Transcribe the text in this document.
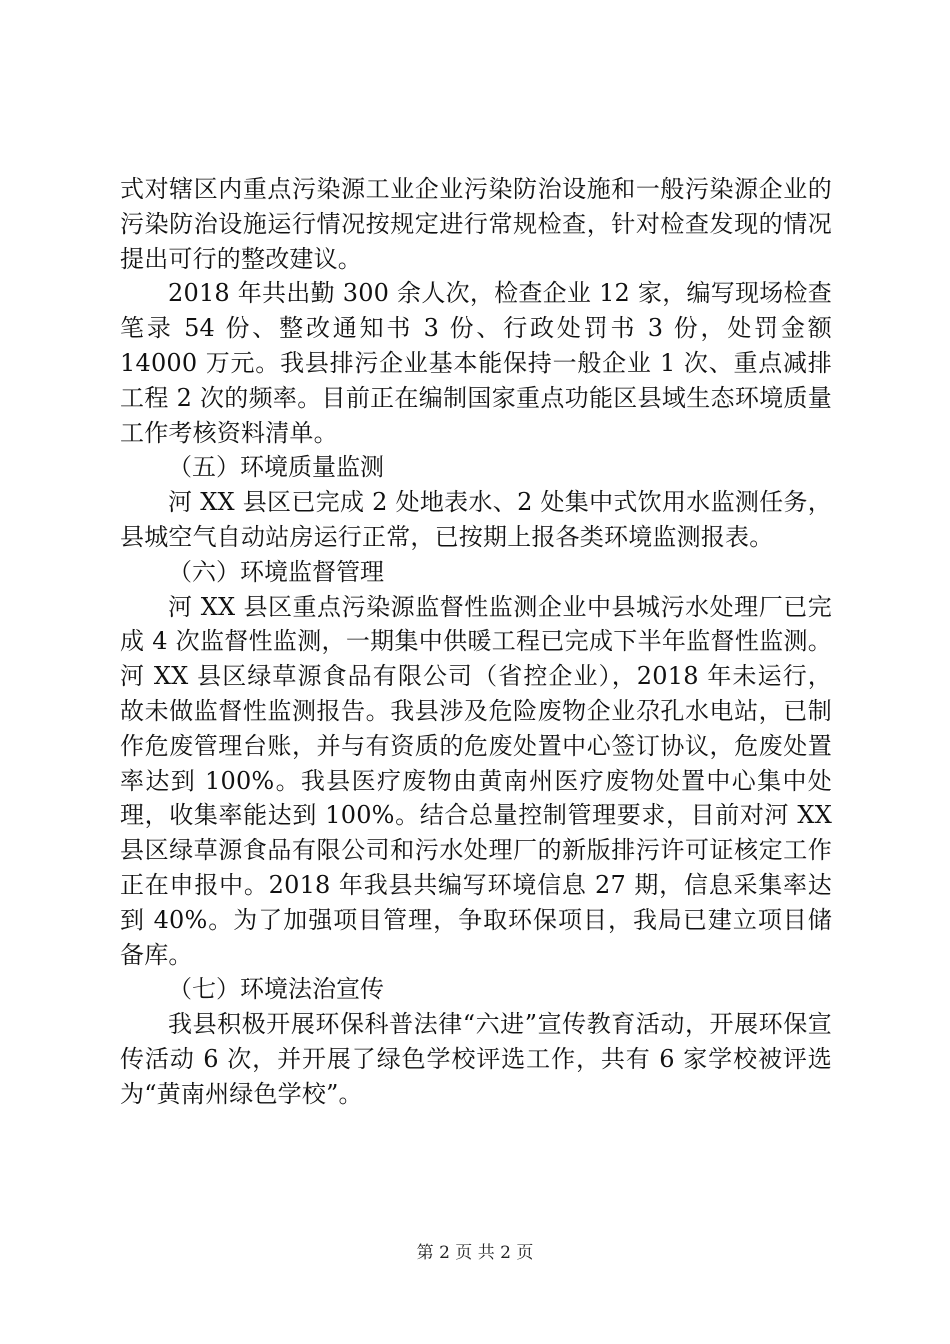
式对辖区内重点污染源工业企业污染防治设施和一般污染源企业的污染防治设施运行情况按规定进行常规检查，针对检查发现的情况提出可行的整改建议。

2018 年共出勤 300 余人次，检查企业 12 家，编写现场检查笔录 54 份、整改通知书 3 份、行政处罚书 3 份，处罚金额 14000 万元。我县排污企业基本能保持一般企业 1 次、重点减排工程 2 次的频率。目前正在编制国家重点功能区县域生态环境质量工作考核资料清单。

（五）环境质量监测

河 XX 县区已完成 2 处地表水、2 处集中式饮用水监测任务，县城空气自动站房运行正常，已按期上报各类环境监测报表。

（六）环境监督管理

河 XX 县区重点污染源监督性监测企业中县城污水处理厂已完成 4 次监督性监测，一期集中供暖工程已完成下半年监督性监测。河 XX 县区绿草源食品有限公司（省控企业），2018 年未运行，故未做监督性监测报告。我县涉及危险废物企业尕孔水电站，已制作危废管理台账，并与有资质的危废处置中心签订协议，危废处置率达到 100%。我县医疗废物由黄南州医疗废物处置中心集中处理，收集率能达到 100%。结合总量控制管理要求，目前对河 XX 县区绿草源食品有限公司和污水处理厂的新版排污许可证核定工作正在申报中。2018 年我县共编写环境信息 27 期，信息采集率达到 40%。为了加强项目管理，争取环保项目，我局已建立项目储备库。

（七）环境法治宣传

我县积极开展环保科普法律“六进”宣传教育活动，开展环保宣传活动 6 次，并开展了绿色学校评选工作，共有 6 家学校被评选为“黄南州绿色学校”。

第 2 页 共 2 页
